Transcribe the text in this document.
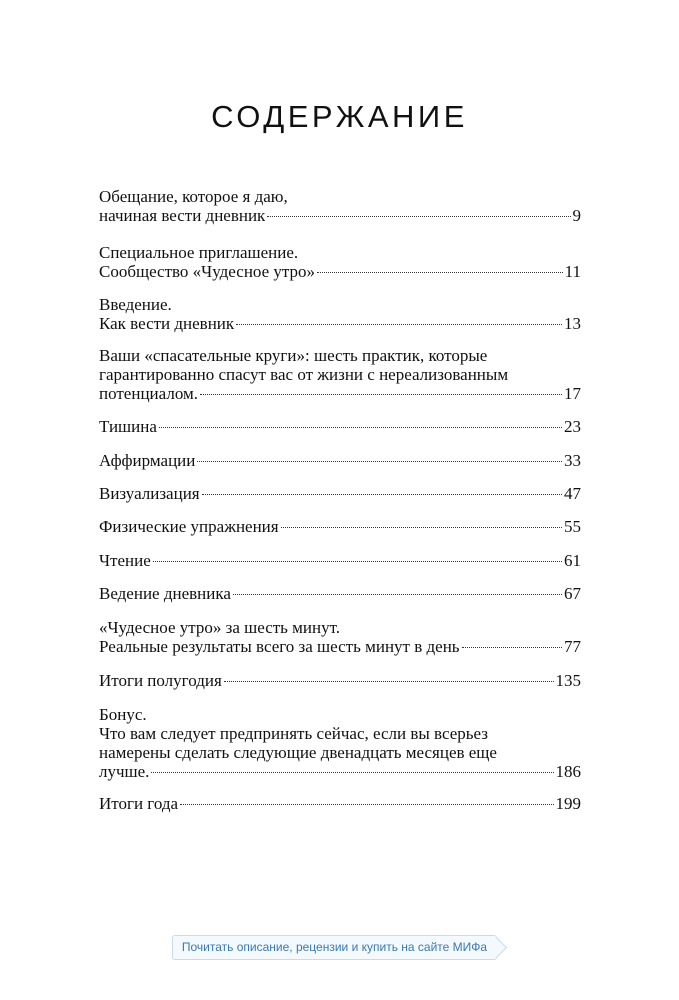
СОДЕРЖАНИЕ
Обещание, которое я даю,
начиная вести дневник	9
Специальное приглашение.
Сообщество «Чудесное утро»	11
Введение.
Как вести дневник	13
Ваши «спасательные круги»: шесть практик, которые
гарантированно спасут вас от жизни с нереализованным
потенциалом.	17
Тишина	23
Аффирмации	33
Визуализация	47
Физические упражнения	55
Чтение	61
Ведение дневника	67
«Чудесное утро» за шесть минут.
Реальные результаты всего за шесть минут в день	77
Итоги полугодия	135
Бонус.
Что вам следует предпринять сейчас, если вы всерьез
намерены сделать следующие двенадцать месяцев еще
лучше.	186
Итоги года	199
Почитать описание, рецензии и купить на сайте МИФа
